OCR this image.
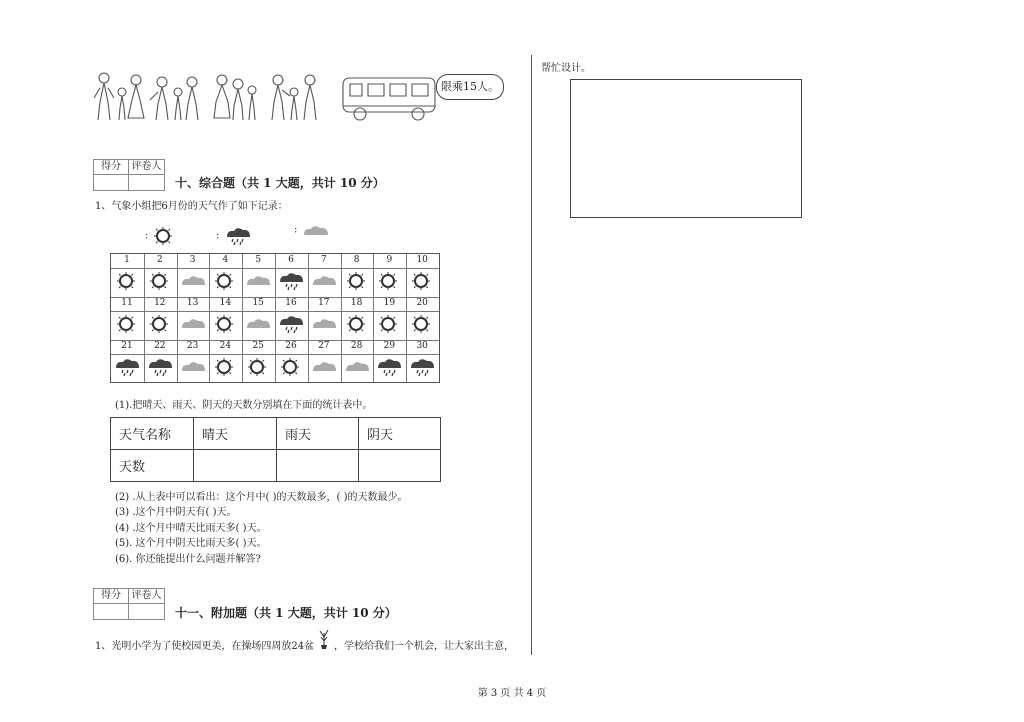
限乘15人。
得分	评卷人
十、综合题（共 1 大题，共计 10 分）
1、气象小组把6月份的天气作了如下记录：
:	:
:
1	2	3	4	5	6	7	8	9	10
11	12	13	14	15	16	17	18	19	20
21	22	23	24	25	26	27	28	29	30
(1).把晴天、雨天、阴天的天数分别填在下面的统计表中。
天气名称	晴天	雨天	阴天
天数			
(2) .从上表中可以看出：这个月中( )的天数最多，( )的天数最少。
(3) .这个月中阴天有( )天。
(4) .这个月中晴天比雨天多( )天。
(5). 这个月中阴天比雨天多( )天。
(6). 你还能提出什么问题并解答?
得分	评卷人
十一、附加题（共 1 大题，共计 10 分）
1、光明小学为了使校园更美，在操场四周放24盆 ，学校给我们一个机会，让大家出主意，
帮忙设计。
第 3 页 共 4 页
